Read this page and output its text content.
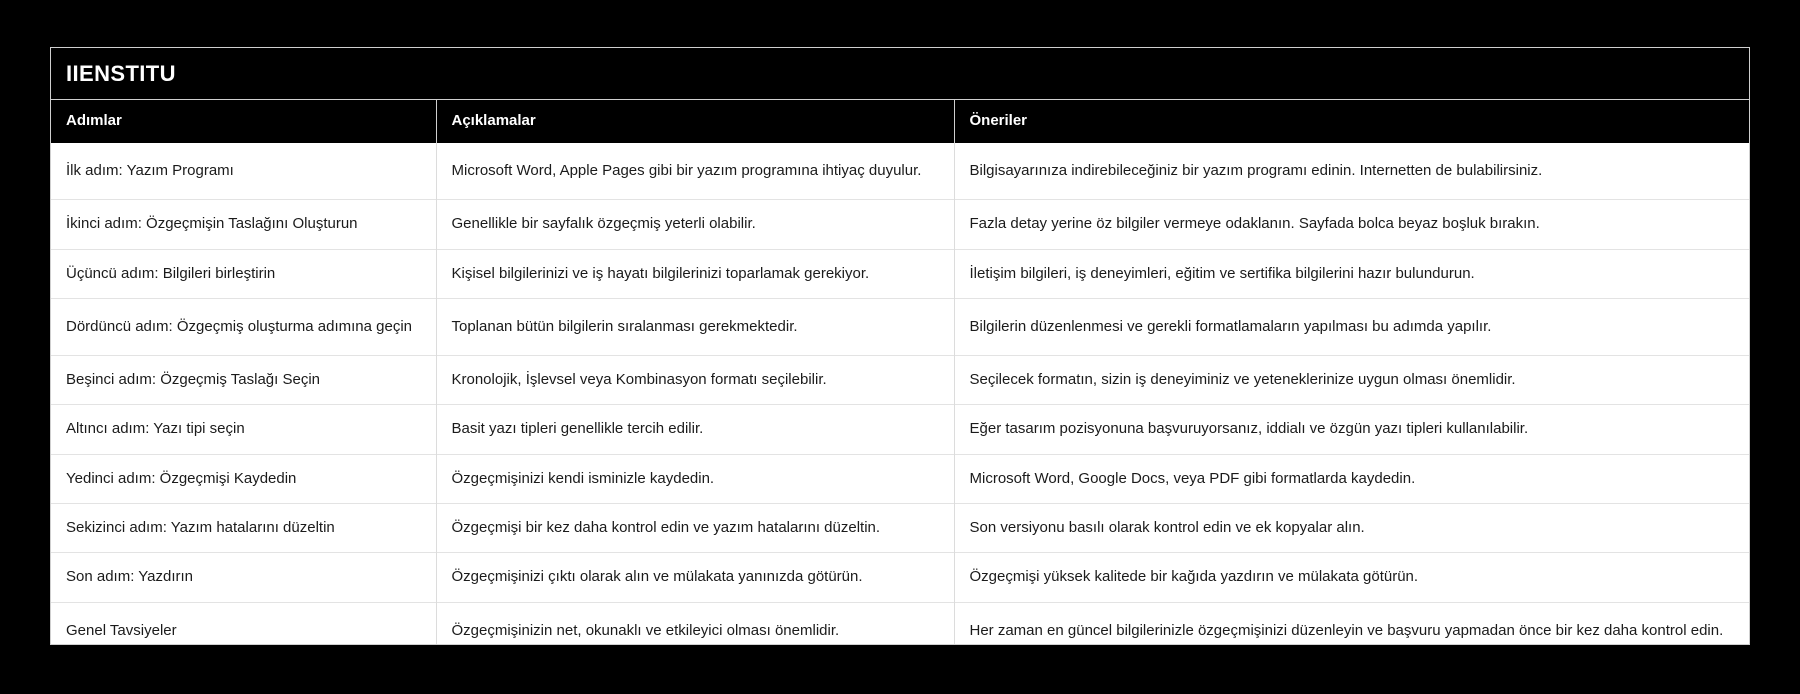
IIENSTITU
Adımlar	Açıklamalar	Öneriler
İlk adım: Yazım Programı	Microsoft Word, Apple Pages gibi bir yazım programına ihtiyaç duyulur.	Bilgisayarınıza indirebileceğiniz bir yazım programı edinin. Internetten de bulabilirsiniz.
İkinci adım: Özgeçmişin Taslağını Oluşturun	Genellikle bir sayfalık özgeçmiş yeterli olabilir.	Fazla detay yerine öz bilgiler vermeye odaklanın. Sayfada bolca beyaz boşluk bırakın.
Üçüncü adım: Bilgileri birleştirin	Kişisel bilgilerinizi ve iş hayatı bilgilerinizi toparlamak gerekiyor.	İletişim bilgileri, iş deneyimleri, eğitim ve sertifika bilgilerini hazır bulundurun.
Dördüncü adım: Özgeçmiş oluşturma adımına geçin	Toplanan bütün bilgilerin sıralanması gerekmektedir.	Bilgilerin düzenlenmesi ve gerekli formatlamaların yapılması bu adımda yapılır.
Beşinci adım: Özgeçmiş Taslağı Seçin	Kronolojik, İşlevsel veya Kombinasyon formatı seçilebilir.	Seçilecek formatın, sizin iş deneyiminiz ve yeteneklerinize uygun olması önemlidir.
Altıncı adım: Yazı tipi seçin	Basit yazı tipleri genellikle tercih edilir.	Eğer tasarım pozisyonuna başvuruyorsanız, iddialı ve özgün yazı tipleri kullanılabilir.
Yedinci adım: Özgeçmişi Kaydedin	Özgeçmişinizi kendi isminizle kaydedin.	Microsoft Word, Google Docs, veya PDF gibi formatlarda kaydedin.
Sekizinci adım: Yazım hatalarını düzeltin	Özgeçmişi bir kez daha kontrol edin ve yazım hatalarını düzeltin.	Son versiyonu basılı olarak kontrol edin ve ek kopyalar alın.
Son adım: Yazdırın	Özgeçmişinizi çıktı olarak alın ve mülakata yanınızda götürün.	Özgeçmişi yüksek kalitede bir kağıda yazdırın ve mülakata götürün.
Genel Tavsiyeler	Özgeçmişinizin net, okunaklı ve etkileyici olması önemlidir.	Her zaman en güncel bilgilerinizle özgeçmişinizi düzenleyin ve başvuru yapmadan önce bir kez daha kontrol edin.
